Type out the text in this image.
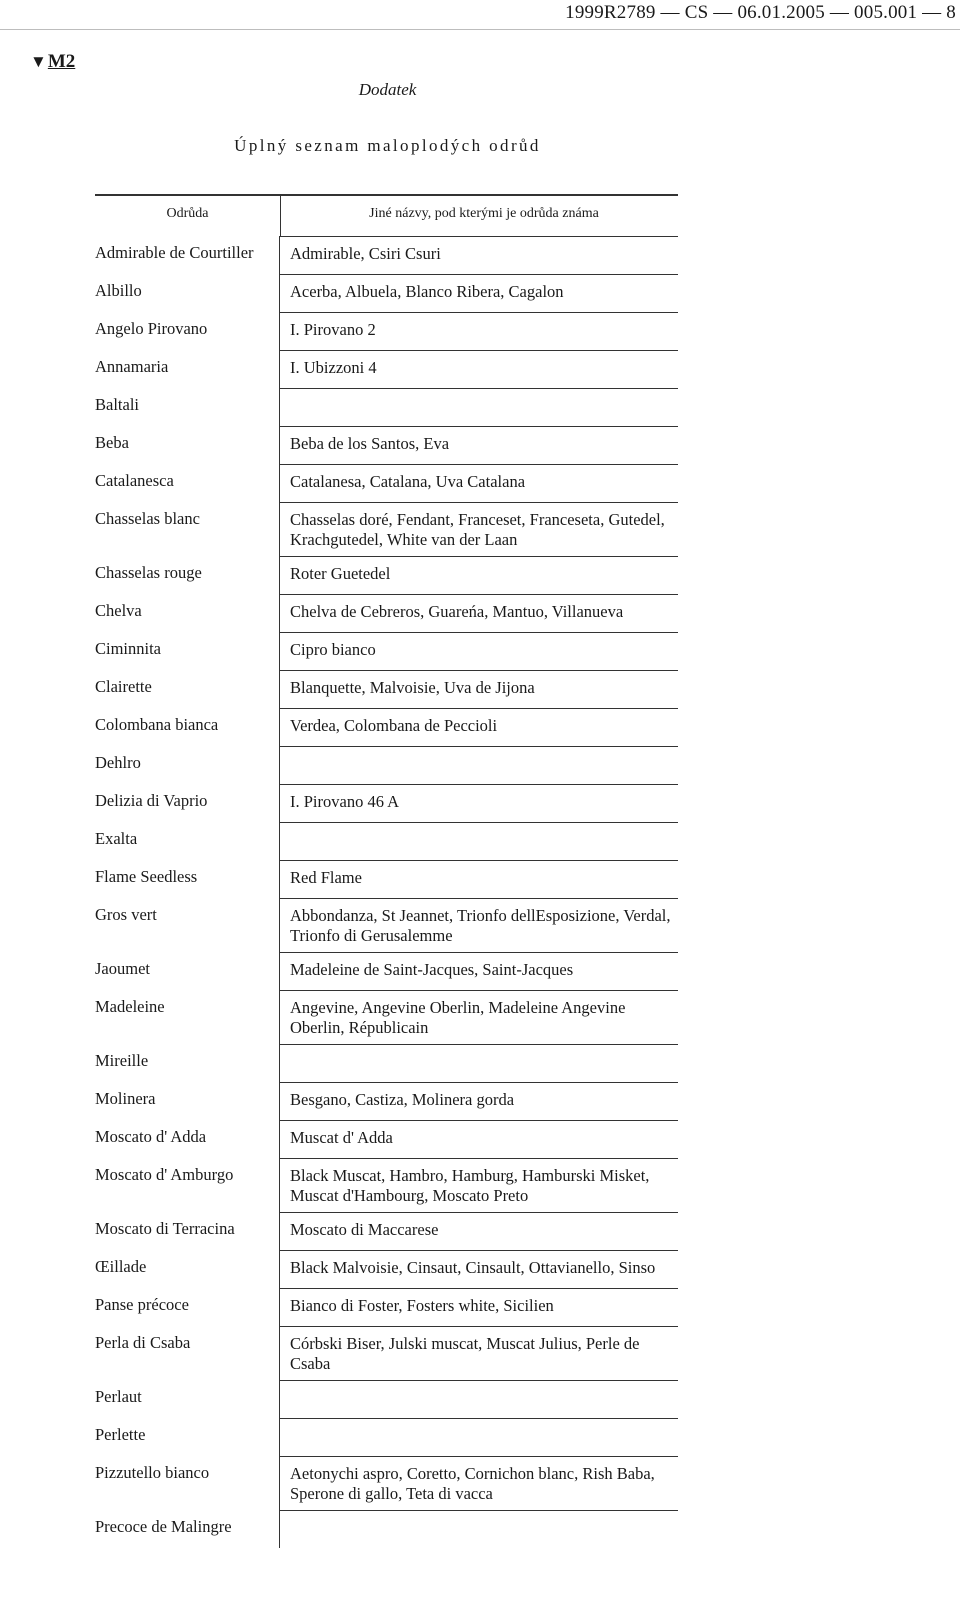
1999R2789 — CS — 06.01.2005 — 005.001 — 8
▼M2
Dodatek
Úplný seznam maloplodých odrůd
Odrůda	Jiné názvy, pod kterými je odrůda známa
Admirable de Courtiller	Admirable, Csiri Csuri
Albillo	Acerba, Albuela, Blanco Ribera, Cagalon
Angelo Pirovano	I. Pirovano 2
Annamaria	I. Ubizzoni 4
Baltali
Beba	Beba de los Santos, Eva
Catalanesca	Catalanesa, Catalana, Uva Catalana
Chasselas blanc	Chasselas doré, Fendant, Franceset, Franceseta, Gutedel, Krachgutedel, White van der Laan
Chasselas rouge	Roter Guetedel
Chelva	Chelva de Cebreros, Guareńa, Mantuo, Villanueva
Ciminnita	Cipro bianco
Clairette	Blanquette, Malvoisie, Uva de Jijona
Colombana bianca	Verdea, Colombana de Peccioli
Dehlro
Delizia di Vaprio	I. Pirovano 46 A
Exalta
Flame Seedless	Red Flame
Gros vert	Abbondanza, St Jeannet, Trionfo dellEsposizione, Verdal, Trionfo di Gerusalemme
Jaoumet	Madeleine de Saint-Jacques, Saint-Jacques
Madeleine	Angevine, Angevine Oberlin, Madeleine Angevine Oberlin, Républicain
Mireille
Molinera	Besgano, Castiza, Molinera gorda
Moscato d' Adda	Muscat d' Adda
Moscato d' Amburgo	Black Muscat, Hambro, Hamburg, Hamburski Misket, Muscat d'Hambourg, Moscato Preto
Moscato di Terracina	Moscato di Maccarese
Œillade	Black Malvoisie, Cinsaut, Cinsault, Ottavianello, Sinso
Panse précoce	Bianco di Foster, Fosters white, Sicilien
Perla di Csaba	Córbski Biser, Julski muscat, Muscat Julius, Perle de Csaba
Perlaut
Perlette
Pizzutello bianco	Aetonychi aspro, Coretto, Cornichon blanc, Rish Baba, Sperone di gallo, Teta di vacca
Precoce de Malingre
